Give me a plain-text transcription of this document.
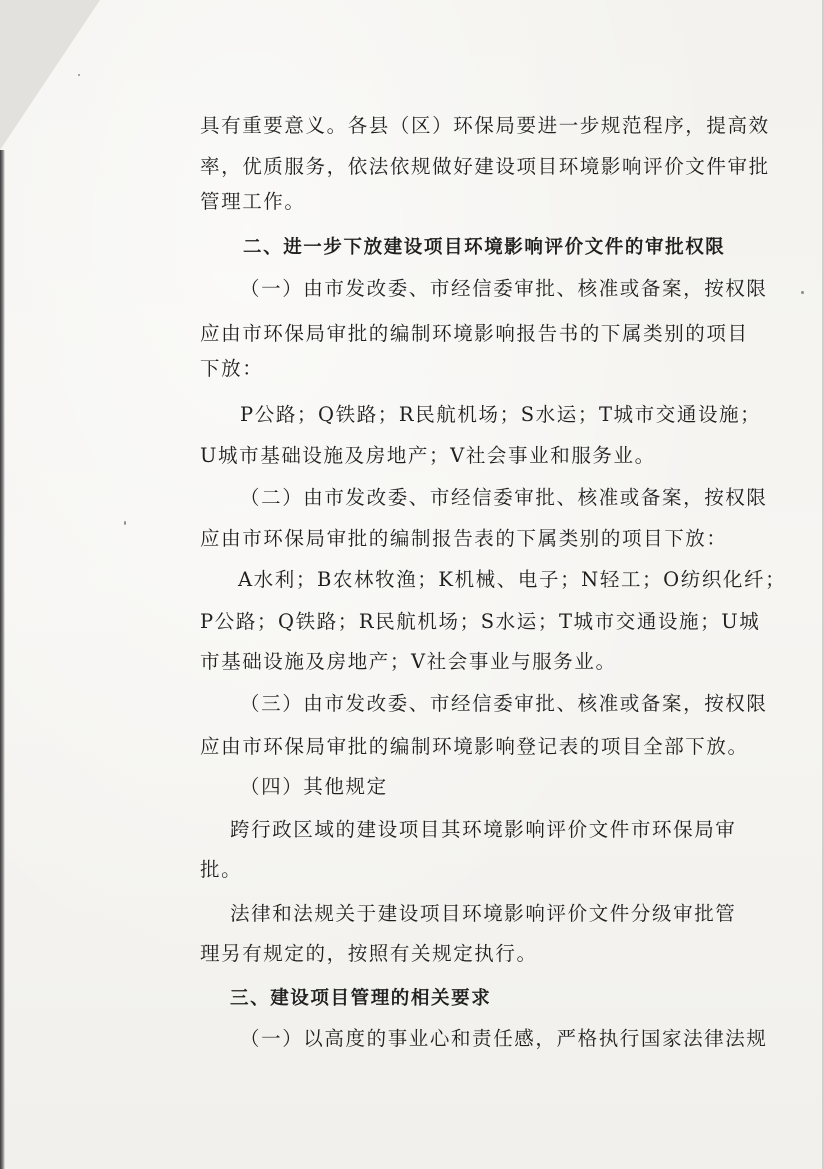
具有重要意义。各县（区）环保局要进一步规范程序，提高效
率，优质服务，依法依规做好建设项目环境影响评价文件审批
管理工作。
二、进一步下放建设项目环境影响评价文件的审批权限
（一）由市发改委、市经信委审批、核准或备案，按权限
应由市环保局审批的编制环境影响报告书的下属类别的项目
下放：
P公路；Q铁路；R民航机场；S水运；T城市交通设施；
U城市基础设施及房地产；V社会事业和服务业。
（二）由市发改委、市经信委审批、核准或备案，按权限
应由市环保局审批的编制报告表的下属类别的项目下放：
A水利；B农林牧渔；K机械、电子；N轻工；O纺织化纤；
P公路；Q铁路；R民航机场；S水运；T城市交通设施；U城
市基础设施及房地产；V社会事业与服务业。
（三）由市发改委、市经信委审批、核准或备案，按权限
应由市环保局审批的编制环境影响登记表的项目全部下放。
（四）其他规定
跨行政区域的建设项目其环境影响评价文件市环保局审
批。
法律和法规关于建设项目环境影响评价文件分级审批管
理另有规定的，按照有关规定执行。
三、建设项目管理的相关要求
（一）以高度的事业心和责任感，严格执行国家法律法规
